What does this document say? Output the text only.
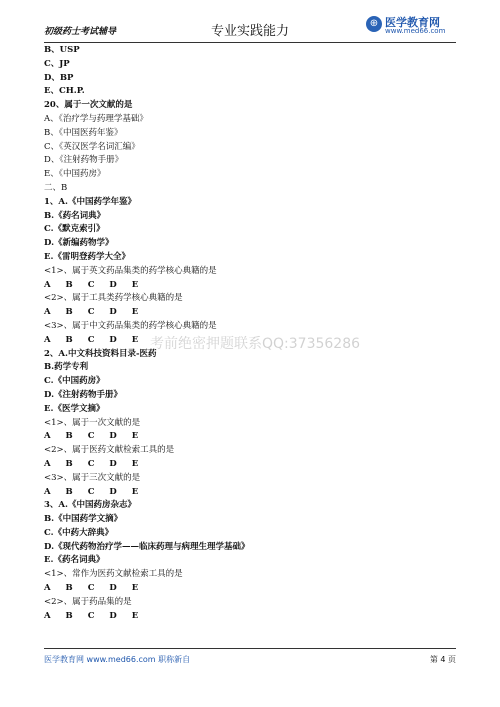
初级药士考试辅导	专业实践能力
⊕ 医学教育网
www.med66.com
B、USP
C、JP
D、BP
E、CH.P.
20、属于一次文献的是
A、《治疗学与药理学基础》
B、《中国医药年鉴》
C、《英汉医学名词汇编》
D、《注射药物手册》
E、《中国药房》
二、B
1、A.《中国药学年鉴》
B.《药名词典》
C.《默克索引》
D.《新编药物学》
E.《雷明登药学大全》
<1>、属于英文药品集类的药学核心典籍的是
A B C D E
<2>、属于工具类药学核心典籍的是
A B C D E
<3>、属于中文药品集类的药学核心典籍的是
A B C D E
2、A.中文科技资料目录-医药
B.药学专利
C.《中国药房》
D.《注射药物手册》
E.《医学文摘》
<1>、属于一次文献的是
A B C D E
<2>、属于医药文献检索工具的是
A B C D E
<3>、属于三次文献的是
A B C D E
3、A.《中国药房杂志》
B.《中国药学文摘》
C.《中药大辞典》
D.《现代药物治疗学——临床药理与病理生理学基础》
E.《药名词典》
<1>、常作为医药文献检索工具的是
A B C D E
<2>、属于药品集的是
A B C D E
考前绝密押题联系QQ:37356286
医学教育网 www.med66.com 职称新自	第 4 页
